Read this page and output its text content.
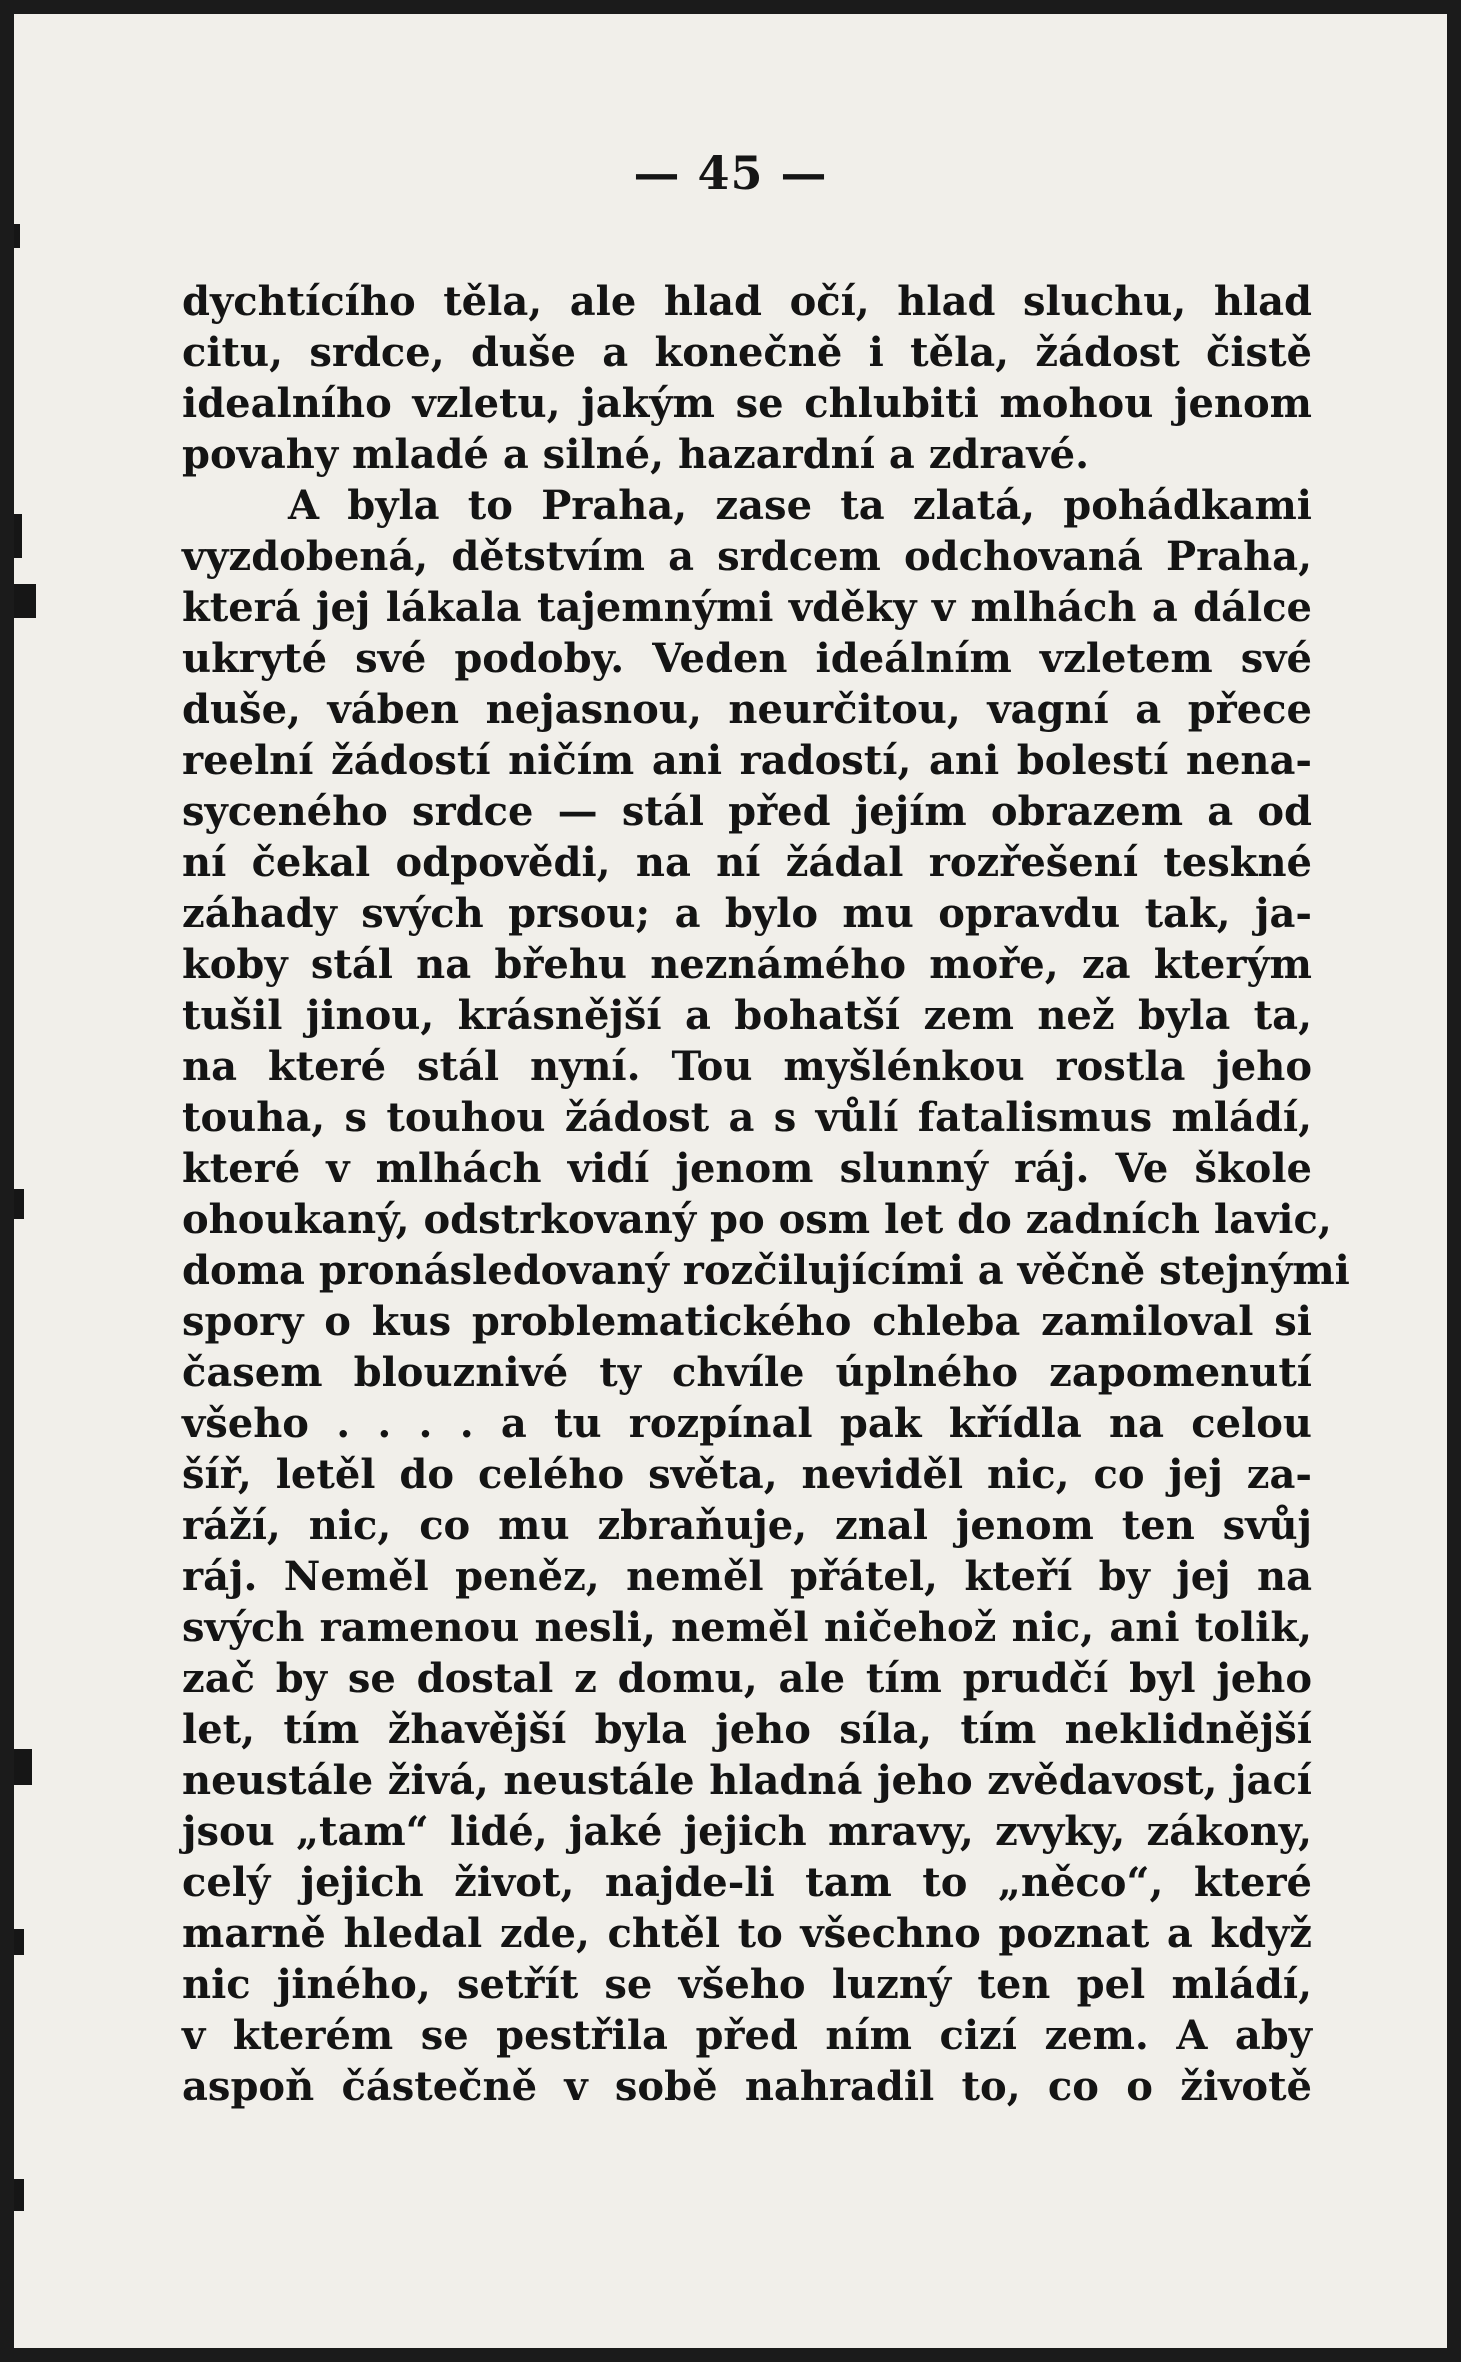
— 45 —
dychtícího těla, ale hlad očí, hlad sluchu, hlad
citu, srdce, duše a konečně i těla, žádost čistě
idealního vzletu, jakým se chlubiti mohou jenom
povahy mladé a silné, hazardní a zdravé.
A byla to Praha, zase ta zlatá, pohádkami
vyzdobená, dětstvím a srdcem odchovaná Praha,
která jej lákala tajemnými vděky v mlhách a dálce
ukryté své podoby. Veden ideálním vzletem své
duše, váben nejasnou, neurčitou, vagní a přece
reelní žádostí ničím ani radostí, ani bolestí nena-
syceného srdce — stál před jejím obrazem a od
ní čekal odpovědi, na ní žádal rozřešení teskné
záhady svých prsou; a bylo mu opravdu tak, ja-
koby stál na břehu neznámého moře, za kterým
tušil jinou, krásnější a bohatší zem než byla ta,
na které stál nyní. Tou myšlénkou rostla jeho
touha, s touhou žádost a s vůlí fatalismus mládí,
které v mlhách vidí jenom slunný ráj. Ve škole
ohoukaný, odstrkovaný po osm let do zadních lavic,
doma pronásledovaný rozčilujícími a věčně stejnými
spory o kus problematického chleba zamiloval si
časem blouznivé ty chvíle úplného zapomenutí
všeho . . . . a tu rozpínal pak křídla na celou
šíř, letěl do celého světa, neviděl nic, co jej za-
ráží, nic, co mu zbraňuje, znal jenom ten svůj
ráj. Neměl peněz, neměl přátel, kteří by jej na
svých ramenou nesli, neměl ničehož nic, ani tolik,
zač by se dostal z domu, ale tím prudčí byl jeho
let, tím žhavější byla jeho síla, tím neklidnější
neustále živá, neustále hladná jeho zvědavost, jací
jsou „tam“ lidé, jaké jejich mravy, zvyky, zákony,
celý jejich život, najde-li tam to „něco“, které
marně hledal zde, chtěl to všechno poznat a když
nic jiného, setřít se všeho luzný ten pel mládí,
v kterém se pestřila před ním cizí zem. A aby
aspoň částečně v sobě nahradil to, co o životě
